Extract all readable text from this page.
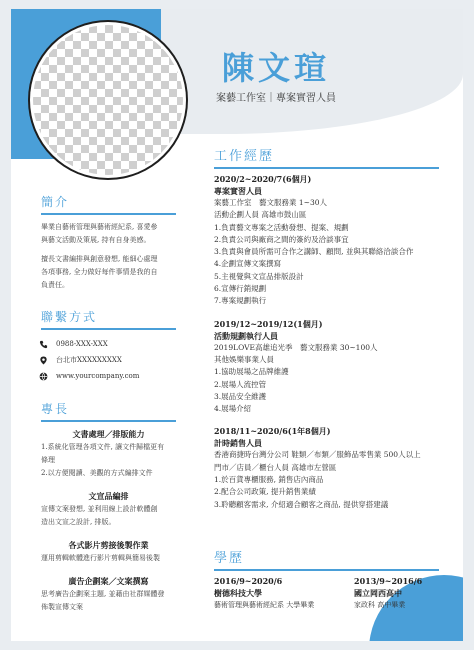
陳文瑄
案藝工作室｜專案實習人員
簡介
畢業自藝術管理與藝術經紀系, 喜愛參
與藝文活動及策展, 持有自身美感。
擅長文書編排與創意發想, 能細心處理
各項事務, 全力做好每件事情是我的自
負責任。
聯繫方式
0988-XXX-XXX
台北市XXXXXXXXX
www.yourcompany.com
專長
文書處理／排版能力
1.系統化管理各項文件, 讓文件歸檔更有
條理
2.以方便閱讀、美觀的方式編排文件
文宣品編排
宣傳文案發想, 並利用線上設計軟體創
造出文宣之設計, 排版。
各式影片剪接後製作業
運用剪輯軟體進行影片剪輯與簡易後製
廣告企劃案／文案撰寫
思考廣告企劃案主題, 並藉由社群媒體發
佈製宣傳文案
工作經歷
2020/2~2020/7(6個月)
專案實習人員
案藝工作室　藝文服務業 1~30人
活動企劃人員 高雄市鼓山區
1.負責藝文專案之活動發想、提案、規劃
2.負責公司與廠商之間的簽約及洽談事宜
3.負責與會員所需可合作之講師、顧問, 並與其聯絡洽談合作
4.企劃宣傳文案撰寫
5.主視覺與文宣品排版設計
6.宣傳行銷規劃
7.專案規劃執行
2019/12~2019/12(1個月)
活動規劃執行人員
2019LOVE高雄追光季　藝文服務業 30~100人
其他娛樂事業人員
1.協助展場之品牌維護
2.展場人流控管
3.展品安全維護
4.展場介紹
2018/11~2020/6(1年8個月)
計時銷售人員
香港商捷時台灣分公司 鞋類／布類／服飾品零售業 500人以上
門市／店員／櫃台人員 高雄市左營區
1.於百貨專櫃服務, 銷售店內商品
2.配合公司政策, 提升銷售業績
3.聆聽顧客需求, 介紹適合顧客之商品, 提供穿搭建議
學歷
2016/9~2020/6
樹德科技大學
藝術管理與藝術經紀系 大學畢業
2013/9~2016/6
國立岡西高中
家政科 高中畢業
